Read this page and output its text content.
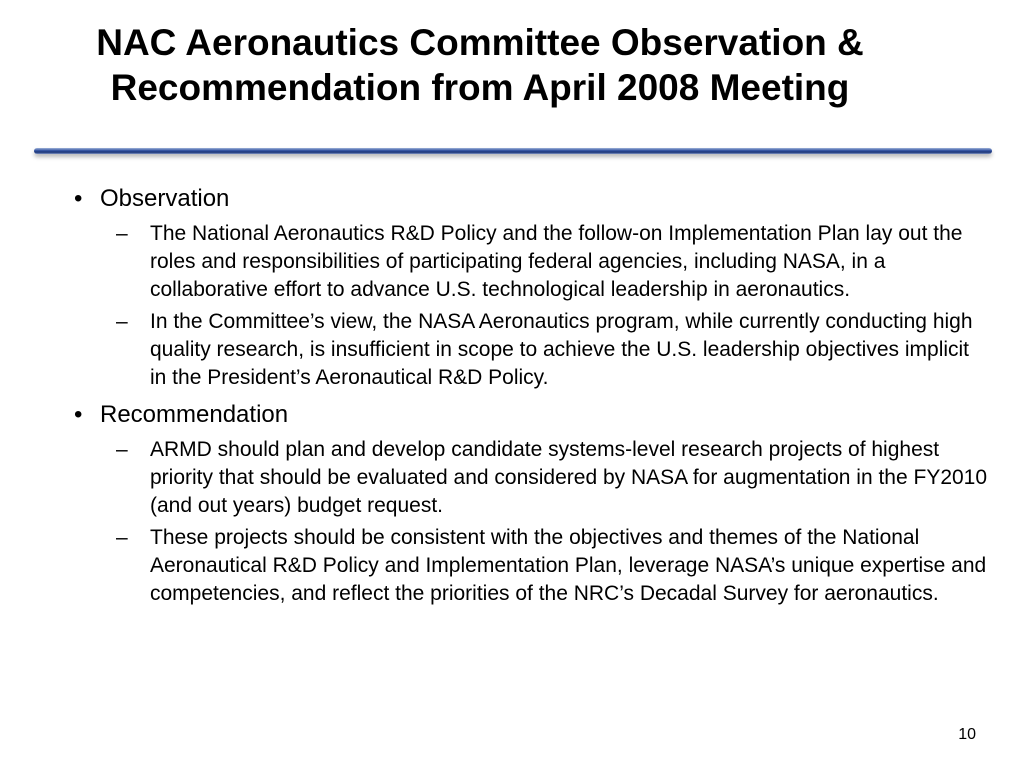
NAC Aeronautics Committee Observation &
Recommendation from April 2008 Meeting
• Observation
–	The National Aeronautics R&D Policy and the follow-on Implementation Plan lay out the roles and responsibilities of participating federal agencies, including NASA, in a collaborative effort to advance U.S. technological leadership in aeronautics.
–	In the Committee’s view, the NASA Aeronautics program, while currently conducting high quality research, is insufficient in scope to achieve the U.S. leadership objectives implicit in the President’s Aeronautical R&D Policy.
• Recommendation
–	ARMD should plan and develop candidate systems-level research projects of highest priority that should be evaluated and considered by NASA for augmentation in the FY2010 (and out years) budget request.
–	These projects should be consistent with the objectives and themes of the National Aeronautical R&D Policy and Implementation Plan, leverage NASA’s unique expertise and competencies, and reflect the priorities of the NRC’s Decadal Survey for aeronautics.
10
